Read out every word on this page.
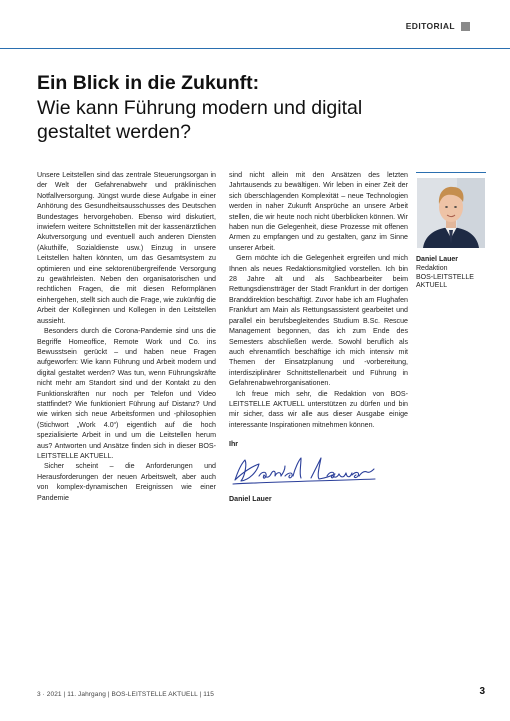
EDITORIAL
Ein Blick in die Zukunft:
Wie kann Führung modern und digital gestaltet werden?

Unsere Leitstellen sind das zentrale Steuerungsorgan in der Welt der Gefahrenabwehr und präklinischen Notfallversorgung. Jüngst wurde diese Aufgabe in einer Anhörung des Gesundheitsausschusses des Deutschen Bundestages hervorgehoben. Ebenso wird diskutiert, inwiefern weitere Schnittstellen mit der kassenärztlichen Akutversorgung und eventuell auch anderen Diensten (Akuthilfe, Sozialdienste usw.) Einzug in unsere Leitstellen halten könnten, um das Gesamtsystem zu optimieren und eine sektorenübergreifende Versorgung zu gewährleisten. Neben den organisatorischen und rechtlichen Fragen, die mit diesen Reformplänen einhergehen, stellt sich auch die Frage, wie zukünftig die Arbeit der Kolleginnen und Kollegen in den Leitstellen aussieht.

Besonders durch die Corona-Pandemie sind uns die Begriffe Homeoffice, Remote Work und Co. ins Bewusstsein gerückt – und haben neue Fragen aufgeworfen: Wie kann Führung und Arbeit modern und digital gestaltet werden? Was tun, wenn Führungskräfte nicht mehr am Standort sind und der Kontakt zu den Funktionskräften nur noch per Telefon und Video stattfindet? Wie funktioniert Führung auf Distanz? Und wie wirken sich neue Arbeitsformen und -philosophien (Stichwort „Work 4.0“) eigentlich auf die hoch spezialisierte Arbeit in und um die Leitstellen herum aus? Antworten und Ansätze finden sich in dieser BOS-LEITSTELLE AKTUELL.

Sicher scheint – die Anforderungen und Herausforderungen der neuen Arbeitswelt, aber auch von komplex-dynamischen Ereignissen wie einer Pandemie

sind nicht allein mit den Ansätzen des letzten Jahrtausends zu bewältigen. Wir leben in einer Zeit der sich überschlagenden Komplexität – neue Technologien werden in naher Zukunft Ansprüche an unsere Arbeit stellen, die wir heute noch nicht überblicken können. Wir haben nun die Gelegenheit, diese Prozesse mit offenen Armen zu empfangen und zu gestalten, ganz im Sinne unserer Arbeit.

Gern möchte ich die Gelegenheit ergreifen und mich Ihnen als neues Redaktionsmitglied vorstellen. Ich bin 28 Jahre alt und als Sachbearbeiter beim Rettungsdienstträger der Stadt Frankfurt in der dortigen Branddirektion beschäftigt. Zuvor habe ich am Flughafen Frankfurt am Main als Rettungsassistent gearbeitet und parallel ein berufsbegleitendes Studium B.Sc. Rescue Management begonnen, das ich zum Ende des Semesters abschließen werde. Sowohl beruflich als auch ehrenamtlich beschäftige ich mich intensiv mit Themen der Einsatzplanung und -vorbereitung, interdisziplinärer Schnittstellenarbeit und Führung in Gefahrenabwehrorganisationen.

Ich freue mich sehr, die Redaktion von BOS-LEITSTELLE AKTUELL unterstützen zu dürfen und bin mir sicher, dass wir alle aus dieser Ausgabe einige interessante Inspirationen mitnehmen können.

Ihr

Daniel Lauer

Daniel Lauer

Daniel Lauer
Redaktion
BOS-LEITSTELLE AKTUELL
3 · 2021 | 11. Jahrgang | BOS-LEITSTELLE AKTUELL | 115	3
